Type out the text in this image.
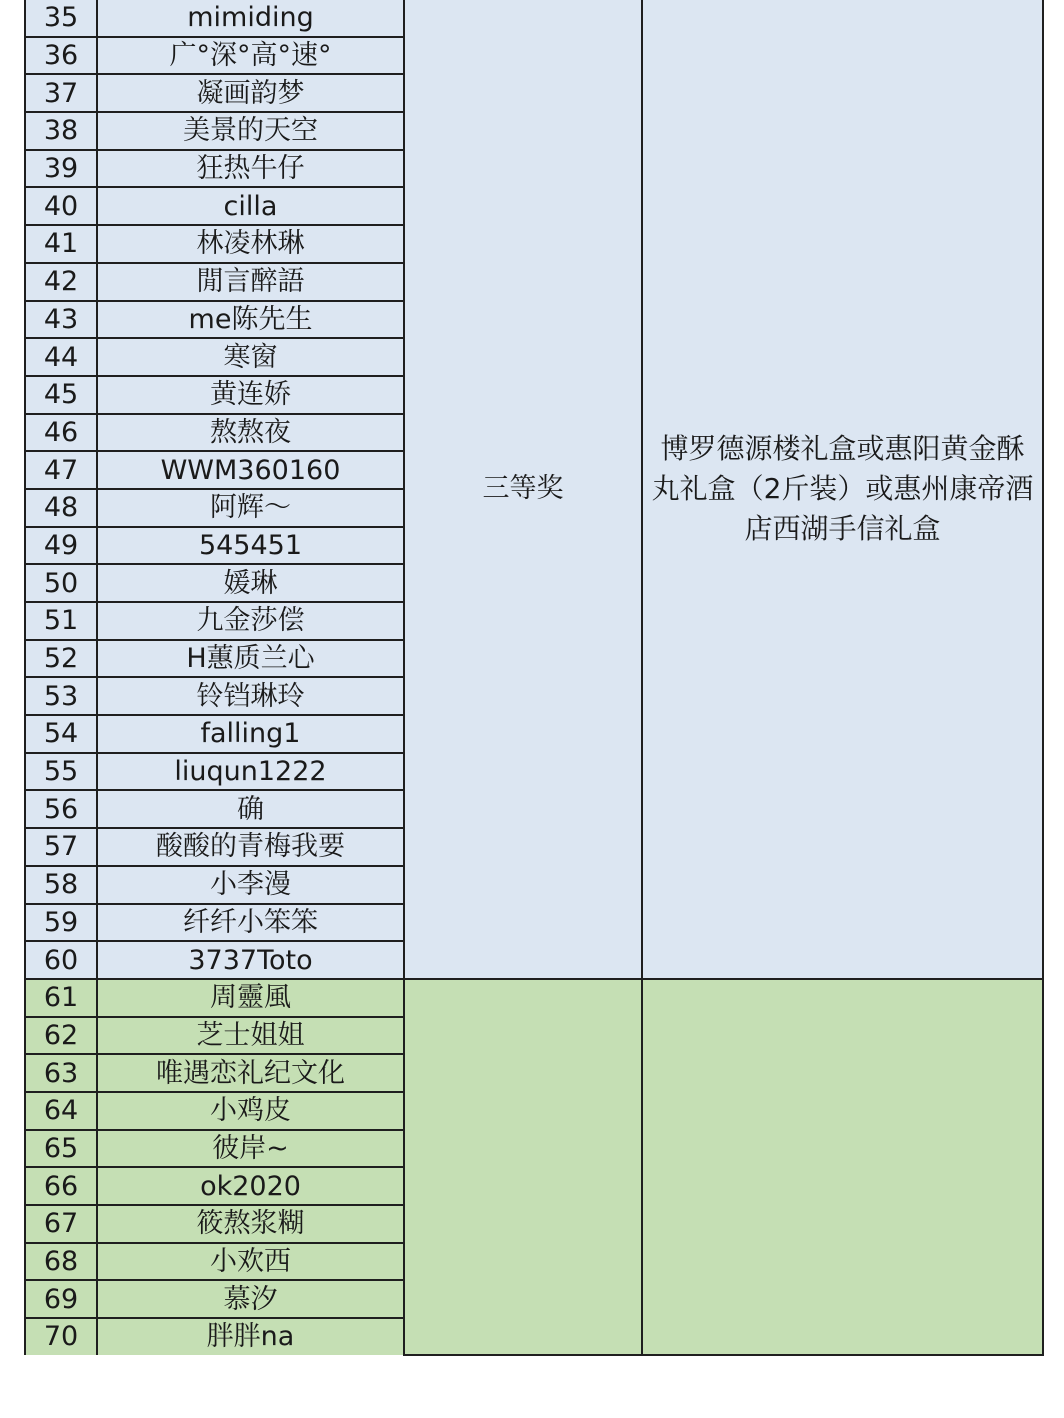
35	mimiding	三等奖	博罗德源楼礼盒或惠阳黄金酥丸礼盒（2斤装）或惠州康帝酒店西湖手信礼盒
36	广°深°高°速°		
37	凝画韵梦		
38	美景的天空		
39	狂热牛仔		
40	cilla		
41	林凌林琳		
42	閒言醉語		
43	me陈先生		
44	寒窗		
45	黄连娇		
46	熬熬夜		
47	WWM360160		
48	阿辉～		
49	545451		
50	媛琳		
51	九金莎偿		
52	H蕙质兰心		
53	铃铛琳玲		
54	falling1		
55	liuqun1222		
56	确		
57	酸酸的青梅我要		
58	小李漫		
59	纤纤小笨笨		
60	3737Toto		
61	周靈風		
62	芝士姐姐		
63	唯遇恋礼纪文化		
64	小鸡皮		
65	彼岸~		
66	ok2020		
67	筱熬浆糊		
68	小欢西		
69	慕汐		
70	胖胖na		
